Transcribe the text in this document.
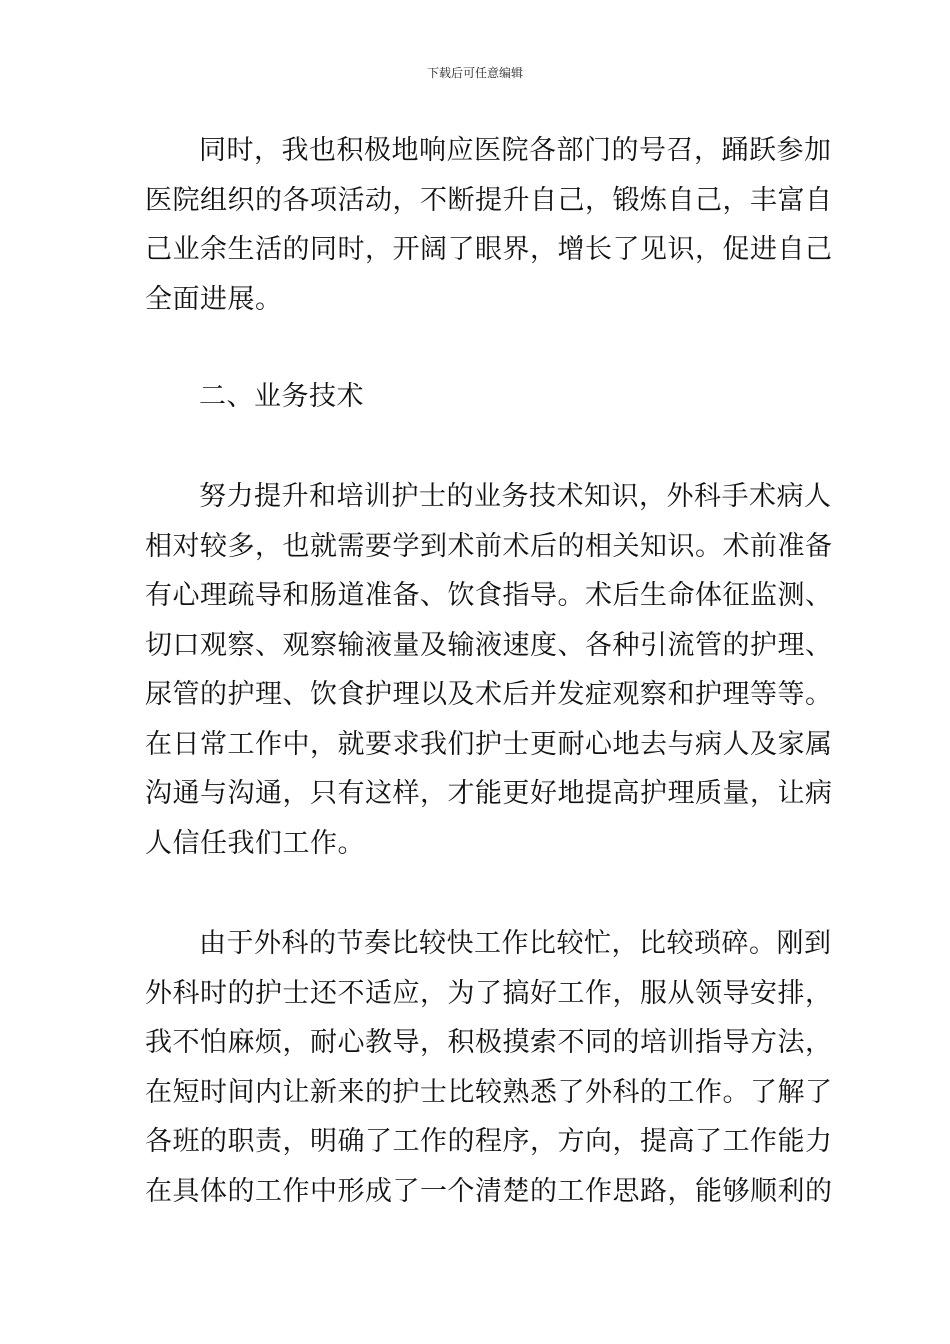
下载后可任意编辑
同时，我也积极地响应医院各部门的号召，踊跃参加
医院组织的各项活动，不断提升自己，锻炼自己，丰富自
己业余生活的同时，开阔了眼界，增长了见识，促进自己
全面进展。
二、业务技术
努力提升和培训护士的业务技术知识，外科手术病人
相对较多，也就需要学到术前术后的相关知识。术前准备
有心理疏导和肠道准备、饮食指导。术后生命体征监测、
切口观察、观察输液量及输液速度、各种引流管的护理、
尿管的护理、饮食护理以及术后并发症观察和护理等等。
在日常工作中，就要求我们护士更耐心地去与病人及家属
沟通与沟通，只有这样，才能更好地提高护理质量，让病
人信任我们工作。
由于外科的节奏比较快工作比较忙，比较琐碎。刚到
外科时的护士还不适应，为了搞好工作，服从领导安排，
我不怕麻烦，耐心教导，积极摸索不同的培训指导方法，
在短时间内让新来的护士比较熟悉了外科的工作。了解了
各班的职责，明确了工作的程序，方向，提高了工作能力
在具体的工作中形成了一个清楚的工作思路，能够顺利的
